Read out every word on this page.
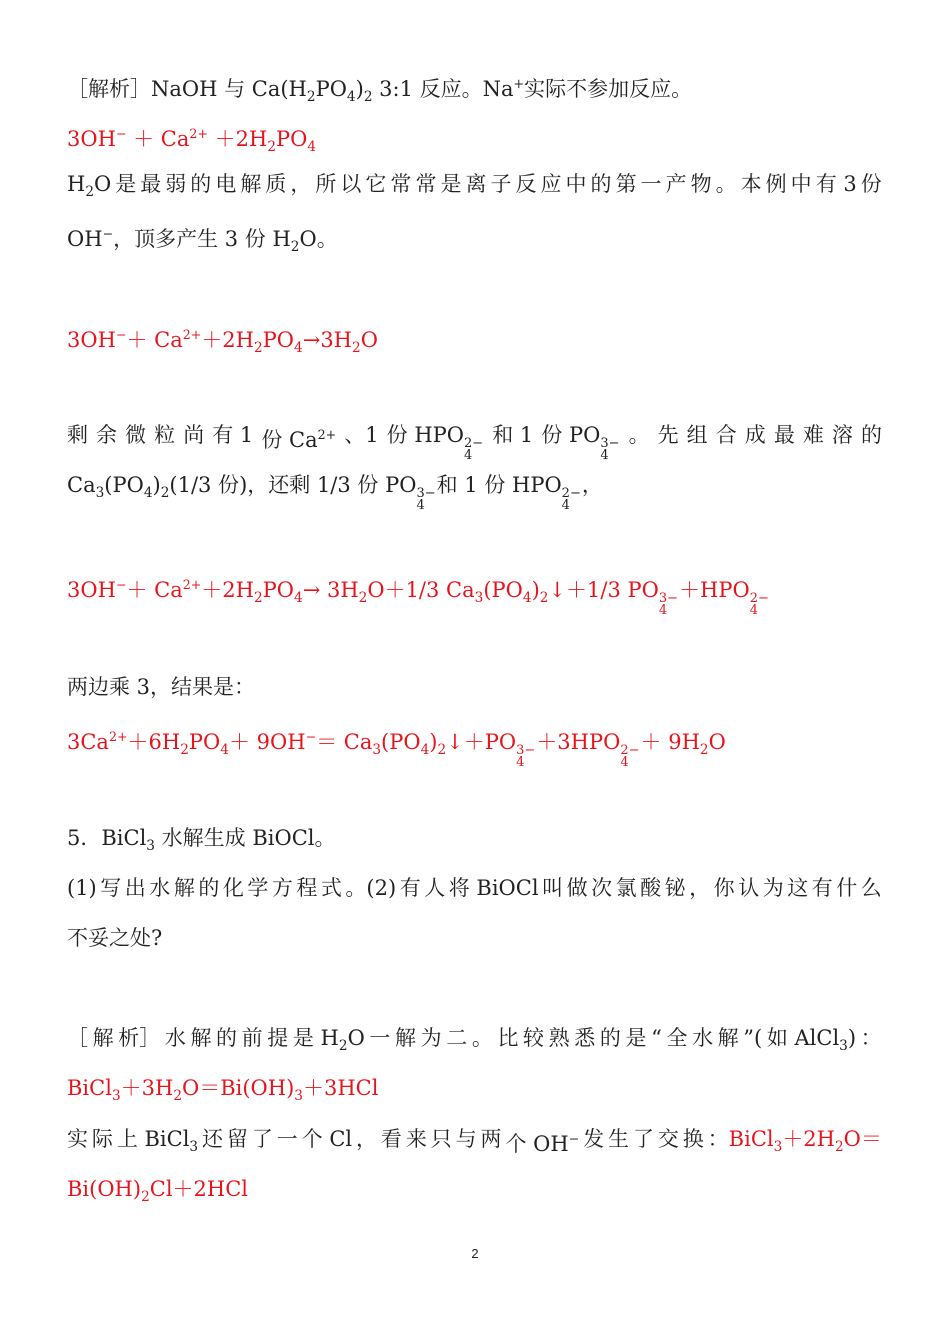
［解析］NaOH 与 $Ca(H_2PO_4)_2$ 3:1 反应。Na+实际不参加反应。
$3OH^- + Ca^{2+} +2H_2PO_4$
$H_2O$ 是 最 弱 的 电 解 质 ， 所 以 它 常 常 是 离 子 反 应 中 的 第 一 产 物 。 本 例 中 有 3 份
OH−，顶多产生 3 份 $H_2O$。
$3OH^-+ Ca^{2+}+2H_2PO_4\to 3H_2O$
剩 余 微 粒 尚 有 1 份 $Ca^{2+}$ 、1 份 HPO 2−
4
和 1 份 PO 3−
4
。 先 组 合 成 最 难 溶 的
$Ca_3(PO_4)_2(1/3$ 份)，还剩 1/3 份 PO 3−
4
和 1 份 HPO 2−
4
，
$3OH^-+ Ca^{2+}+2H_2PO_4\to 3H_2O+1/3$ $Ca_3(PO_4)_2↓+1/3$ PO 3−
4
＋HPO 2−
4
两边乘 3，结果是：
$3Ca^{2+}+6H_2PO_4+ 9OH^-=$ $Ca_3(PO_4)_2↓+PO$ 3−
4
＋3HPO 2−
4
＋ $9H_2O$
5．BiCl$_3$ 水解生成 BiOCl。
(1) 写 出 水 解 的 化 学 方 程 式 。(2) 有 人 将 BiOCl 叫 做 次 氯 酸 铋 ， 你 认 为 这 有 什 么
不妥之处?
［ 解 析］ 水 解 的 前 提 是 $H_2O$ 一 解 为 二 。 比 较 熟 悉 的 是 “ 全 水 解 ”( 如 AlCl$_3$) ：
$BiCl_3+3H_2O=Bi(OH)_3+3HCl$
实 际 上 BiCl$_3$ 还 留 了 一 个 Cl ， 看 来 只 与 两 个 OH− 发 生 了 交 换 ：$BiCl_3+2H_2O=$
$Bi(OH)_2Cl+2HCl$
2
